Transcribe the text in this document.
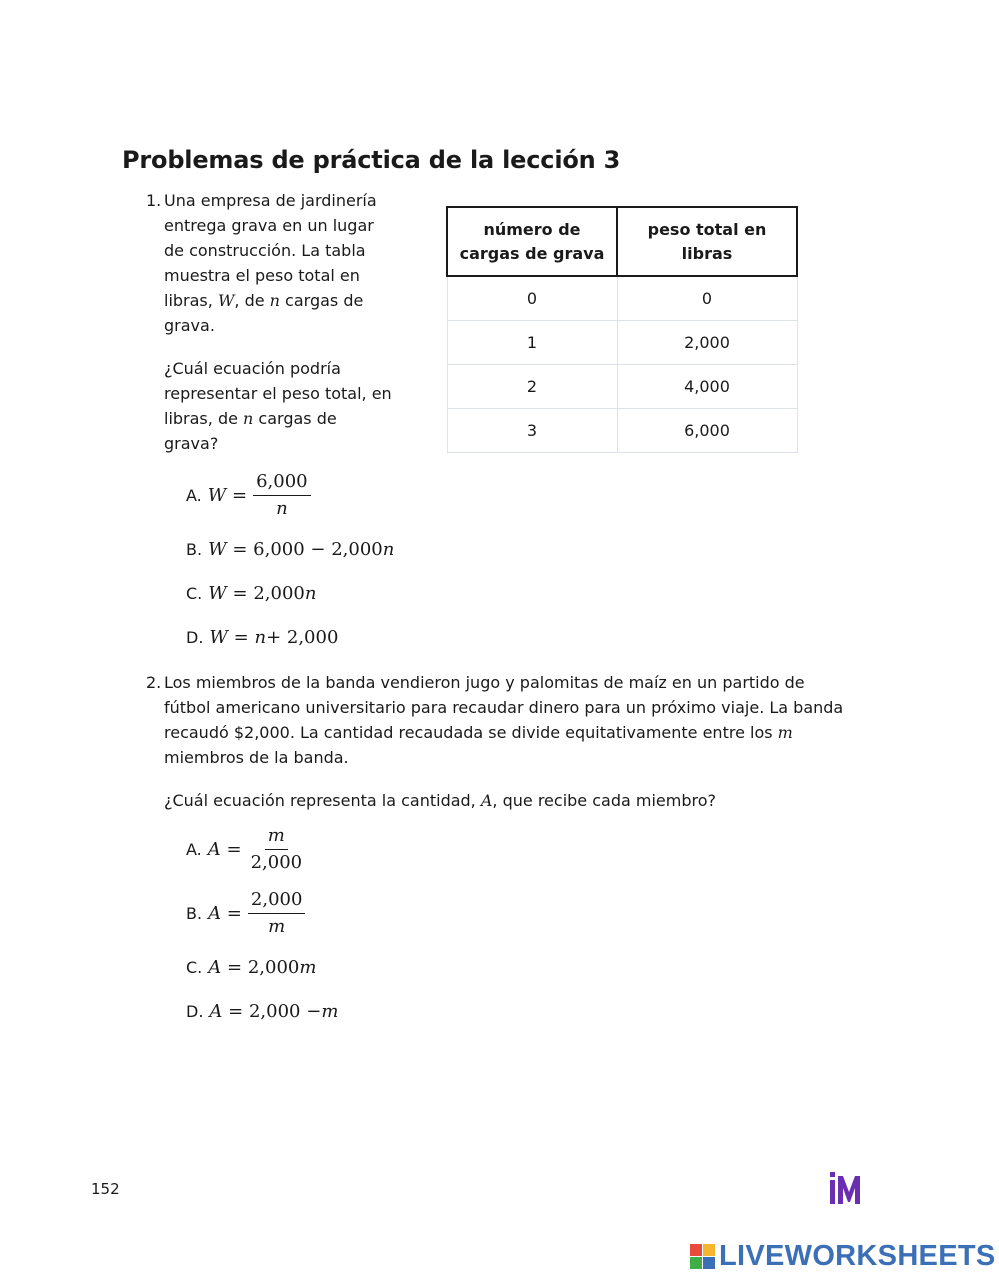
Problemas de práctica de la lección 3
1. Una empresa de jardinería entrega grava en un lugar de construcción. La tabla muestra el peso total en libras, W, de n cargas de grava.
¿Cuál ecuación podría representar el peso total, en libras, de n cargas de grava?
número de cargas de grava	peso total en libras
0	0
1	2,000
2	4,000
3	6,000
A. W
= $\frac{6,000}{n}$
B. W
=
6,000 − 2,000 n
C. W
=
2,000 n
D. W
=
n + 2,000
2. Los miembros de la banda vendieron jugo y palomitas de maíz en un partido de fútbol americano universitario para recaudar dinero para un próximo viaje. La banda recaudó $2,000. La cantidad recaudada se divide equitativamente entre los m miembros de la banda.
¿Cuál ecuación representa la cantidad, A, que recibe cada miembro?
A. A
= $\frac{m}{2,000}$
B. A
= $\frac{2,000}{m}$
C. A
=
2,000 m
D. A
=
2,000 − m
152
LIVEWORKSHEETS
